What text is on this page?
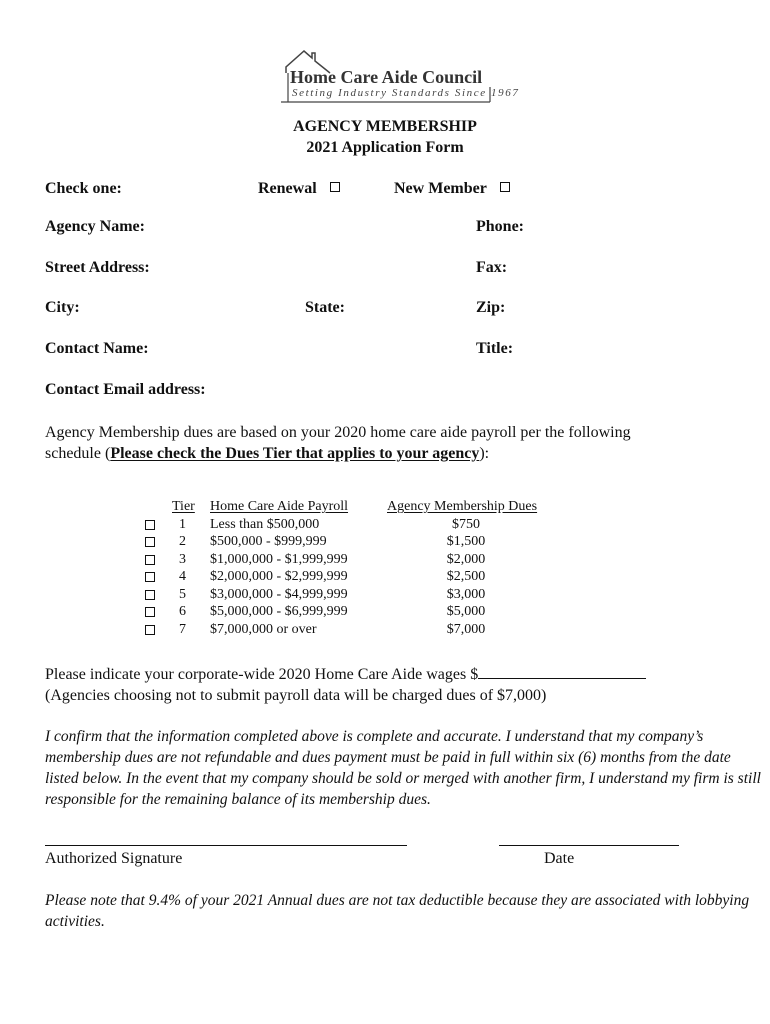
Home Care Aide Council
Setting Industry Standards Since 1967
AGENCY MEMBERSHIP
2021 Application Form
Check one:	Renewal	New Member
Agency Name:	Phone:
Street Address:	Fax:
City:	State:	Zip:
Contact Name:	Title:
Contact Email address:
Agency Membership dues are based on your 2020 home care aide payroll per the following
schedule (Please check the Dues Tier that applies to your agency):
Tier Home Care Aide Payroll	Agency Membership Dues
1 Less than $500,000	$750
2 $500,000 - $999,999	$1,500
3 $1,000,000 - $1,999,999	$2,000
4 $2,000,000 - $2,999,999	$2,500
5 $3,000,000 - $4,999,999	$3,000
6 $5,000,000 - $6,999,999	$5,000
7 $7,000,000 or over	$7,000
Please indicate your corporate-wide 2020 Home Care Aide wages $
(Agencies choosing not to submit payroll data will be charged dues of $7,000)
I confirm that the information completed above is complete and accurate. I understand that my company’s
membership dues are not refundable and dues payment must be paid in full within six (6) months from the date
listed below. In the event that my company should be sold or merged with another firm, I understand my firm is still
responsible for the remaining balance of its membership dues.
Authorized Signature	Date
Please note that 9.4% of your 2021 Annual dues are not tax deductible because they are associated with lobbying
activities.
